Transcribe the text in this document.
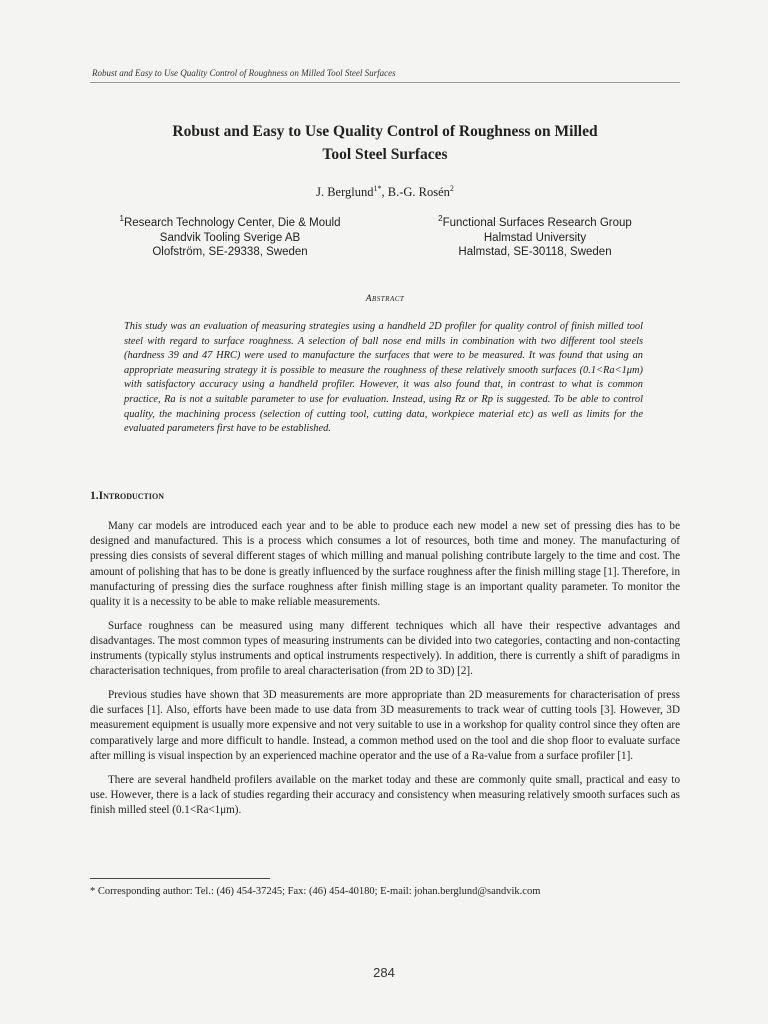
Robust and Easy to Use Quality Control of Roughness on Milled Tool Steel Surfaces
Robust and Easy to Use Quality Control of Roughness on Milled
Tool Steel Surfaces
J. Berglund$^{1*}$, B.-G. Rosén$^2$
$^1$Research Technology Center, Die & Mould
Sandvik Tooling Sverige AB
Olofström, SE-29338, Sweden
$^2$Functional Surfaces Research Group
Halmstad University
Halmstad, SE-30118, Sweden
Abstract
This study was an evaluation of measuring strategies using a handheld 2D profiler for quality control of finish milled tool steel with regard to surface roughness. A selection of ball nose end mills in combination with two different tool steels (hardness 39 and 47 HRC) were used to manufacture the surfaces that were to be measured. It was found that using an appropriate measuring strategy it is possible to measure the roughness of these relatively smooth surfaces (0.1<Ra<1μm) with satisfactory accuracy using a handheld profiler. However, it was also found that, in contrast to what is common practice, Ra is not a suitable parameter to use for evaluation. Instead, using Rz or Rp is suggested. To be able to control quality, the machining process (selection of cutting tool, cutting data, workpiece material etc) as well as limits for the evaluated parameters first have to be established.
1.Introduction

Many car models are introduced each year and to be able to produce each new model a new set of pressing dies has to be designed and manufactured. This is a process which consumes a lot of resources, both time and money. The manufacturing of pressing dies consists of several different stages of which milling and manual polishing contribute largely to the time and cost. The amount of polishing that has to be done is greatly influenced by the surface roughness after the finish milling stage [1]. Therefore, in manufacturing of pressing dies the surface roughness after finish milling stage is an important quality parameter. To monitor the quality it is a necessity to be able to make reliable measurements.

Surface roughness can be measured using many different techniques which all have their respective advantages and disadvantages. The most common types of measuring instruments can be divided into two categories, contacting and non-contacting instruments (typically stylus instruments and optical instruments respectively). In addition, there is currently a shift of paradigms in characterisation techniques, from profile to areal characterisation (from 2D to 3D) [2].

Previous studies have shown that 3D measurements are more appropriate than 2D measurements for characterisation of press die surfaces [1]. Also, efforts have been made to use data from 3D measurements to track wear of cutting tools [3]. However, 3D measurement equipment is usually more expensive and not very suitable to use in a workshop for quality control since they often are comparatively large and more difficult to handle. Instead, a common method used on the tool and die shop floor to evaluate surface after milling is visual inspection by an experienced machine operator and the use of a Ra-value from a surface profiler [1].

There are several handheld profilers available on the market today and these are commonly quite small, practical and easy to use. However, there is a lack of studies regarding their accuracy and consistency when measuring relatively smooth surfaces such as finish milled steel (0.1<Ra<1μm).

* Corresponding author: Tel.: (46) 454-37245; Fax: (46) 454-40180; E-mail: johan.berglund@sandvik.com
284
